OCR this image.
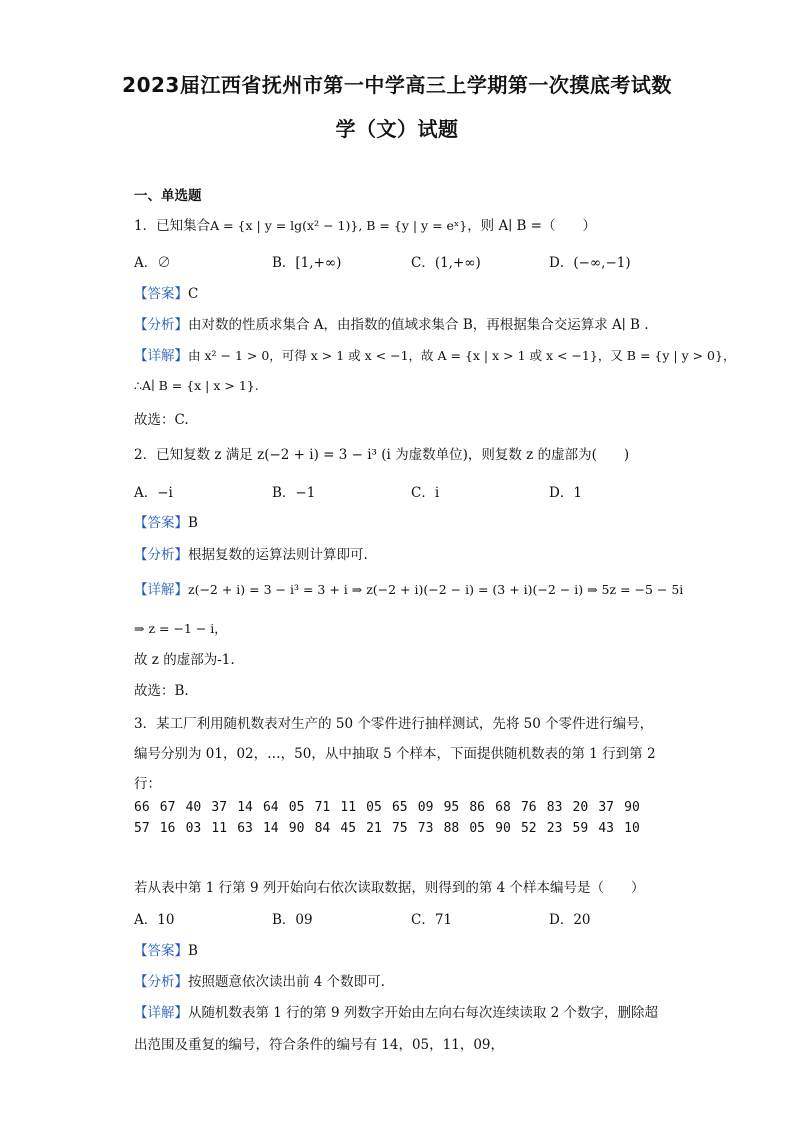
2023届江西省抚州市第一中学高三上学期第一次摸底考试数
学（文）试题
一、单选题
1．已知集合A = {x | y = lg(x² − 1)}, B = {y | y = eˣ}，则 A∣ B =（　　）
A．∅	B．[1,+∞)	C．(1,+∞)	D．(−∞,−1)
【答案】C
【分析】由对数的性质求集合 A，由指数的值域求集合 B，再根据集合交运算求 A∣ B .
【详解】由 x² − 1 > 0，可得 x > 1 或 x < −1，故 A = {x | x > 1 或 x < −1}，又 B = {y | y > 0}，
∴A∣ B = {x | x > 1}.
故选：C.
2．已知复数 z 满足 z(−2 + i) = 3 − i³ (i 为虚数单位)，则复数 z 的虚部为(　　)
A．−i	B．−1	C．i	D．1
【答案】B
【分析】根据复数的运算法则计算即可.
【详解】z(−2 + i) = 3 − i³ = 3 + i ⇒ z(−2 + i)(−2 − i) = (3 + i)(−2 − i) ⇒ 5z = −5 − 5i
⇒ z = −1 − i，
故 z 的虚部为-1.
故选：B.
3．某工厂利用随机数表对生产的 50 个零件进行抽样测试，先将 50 个零件进行编号，
编号分别为 01，02，…，50，从中抽取 5 个样本，下面提供随机数表的第 1 行到第 2
行：
66 67 40 37 14 64 05 71 11 05 65 09 95 86 68 76 83 20 37 90
57 16 03 11 63 14 90 84 45 21 75 73 88 05 90 52 23 59 43 10
若从表中第 1 行第 9 列开始向右依次读取数据，则得到的第 4 个样本编号是（　　）
A．10	B．09	C．71	D．20
【答案】B
【分析】按照题意依次读出前 4 个数即可.
【详解】从随机数表第 1 行的第 9 列数字开始由左向右每次连续读取 2 个数字，删除超
出范围及重复的编号，符合条件的编号有 14，05，11，09，
